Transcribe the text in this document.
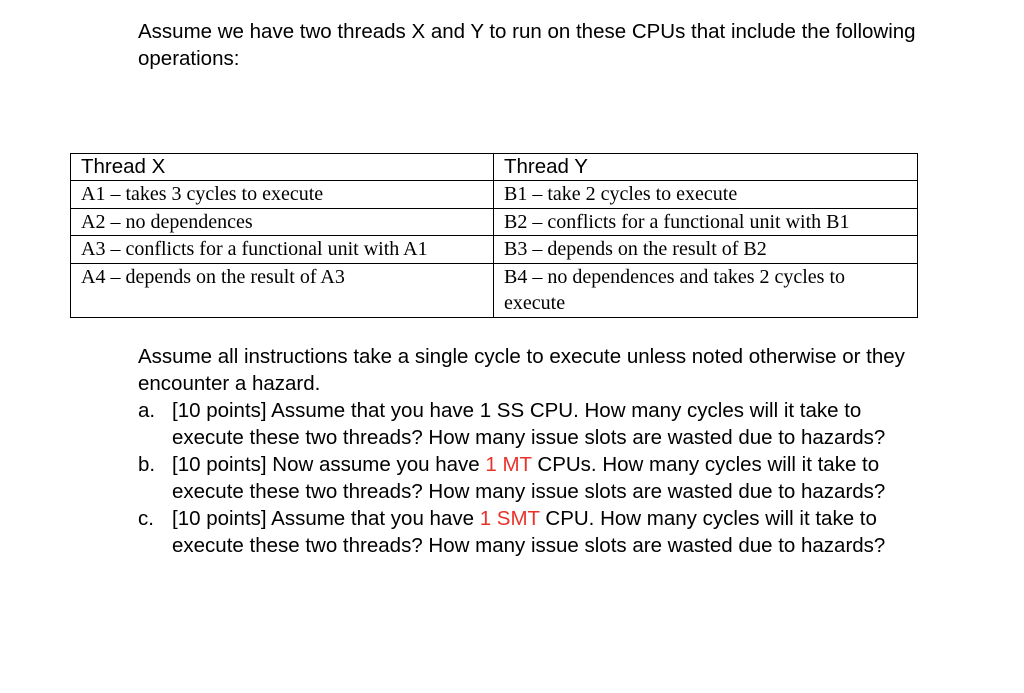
Assume we have two threads X and Y to run on these CPUs that include the following operations:

Thread X	Thread Y
A1 – takes 3 cycles to execute	B1 – take 2 cycles to execute
A2 – no dependences	B2 – conflicts for a functional unit with B1
A3 – conflicts for a functional unit with A1	B3 – depends on the result of B2
A4 – depends on the result of A3	B4 – no dependences and takes 2 cycles to execute

Assume all instructions take a single cycle to execute unless noted otherwise or they encounter a hazard.

a. [10 points] Assume that you have 1 SS CPU. How many cycles will it take to execute these two threads? How many issue slots are wasted due to hazards?
b. [10 points] Now assume you have 1 MT CPUs. How many cycles will it take to execute these two threads? How many issue slots are wasted due to hazards?
c. [10 points] Assume that you have 1 SMT CPU. How many cycles will it take to execute these two threads? How many issue slots are wasted due to hazards?
